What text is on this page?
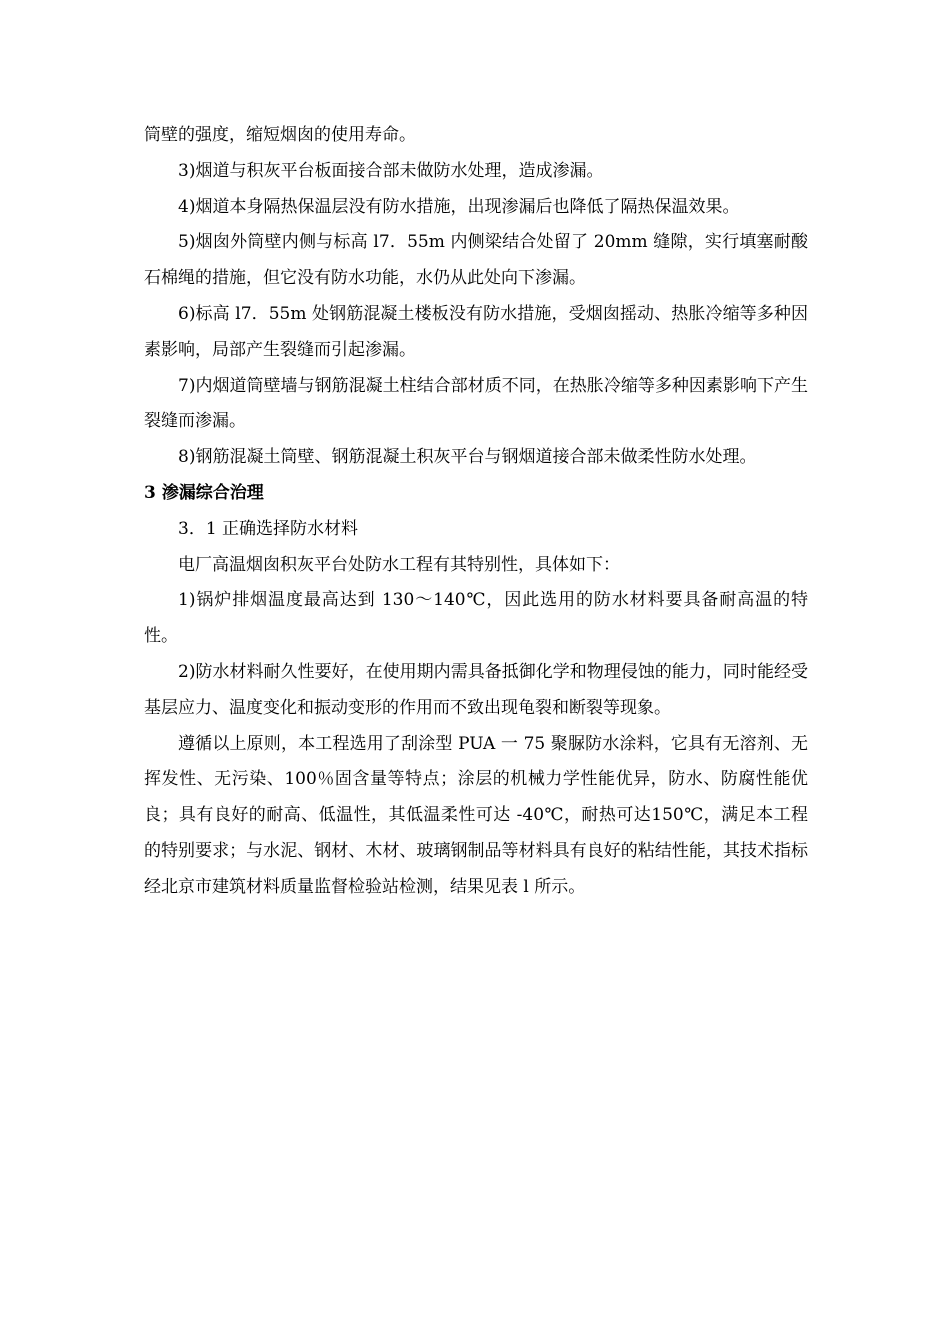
筒壁的强度，缩短烟囱的使用寿命。

3)烟道与积灰平台板面接合部未做防水处理，造成渗漏。

4)烟道本身隔热保温层没有防水措施，出现渗漏后也降低了隔热保温效果。

5)烟囱外筒壁内侧与标高 l7．55m 内侧梁结合处留了 20mm 缝隙，实行填塞耐酸石棉绳的措施，但它没有防水功能，水仍从此处向下渗漏。

6)标高 l7．55m 处钢筋混凝土楼板没有防水措施，受烟囱摇动、热胀冷缩等多种因素影响，局部产生裂缝而引起渗漏。

7)内烟道筒壁墙与钢筋混凝土柱结合部材质不同，在热胀冷缩等多种因素影响下产生裂缝而渗漏。

8)钢筋混凝土筒壁、钢筋混凝土积灰平台与钢烟道接合部未做柔性防水处理。

3 渗漏综合治理

3．1 正确选择防水材料

电厂高温烟囱积灰平台处防水工程有其特别性，具体如下：

1)锅炉排烟温度最高达到 130～140℃，因此选用的防水材料要具备耐高温的特性。

2)防水材料耐久性要好，在使用期内需具备抵御化学和物理侵蚀的能力，同时能经受基层应力、温度变化和振动变形的作用而不致出现龟裂和断裂等现象。

遵循以上原则，本工程选用了刮涂型 PUA 一 75 聚脲防水涂料，它具有无溶剂、无挥发性、无污染、100％固含量等特点；涂层的机械力学性能优异，防水、防腐性能优良；具有良好的耐高、低温性，其低温柔性可达 -40℃，耐热可达150℃，满足本工程的特别要求；与水泥、钢材、木材、玻璃钢制品等材料具有良好的粘结性能，其技术指标经北京市建筑材料质量监督检验站检测，结果见表 l 所示。
